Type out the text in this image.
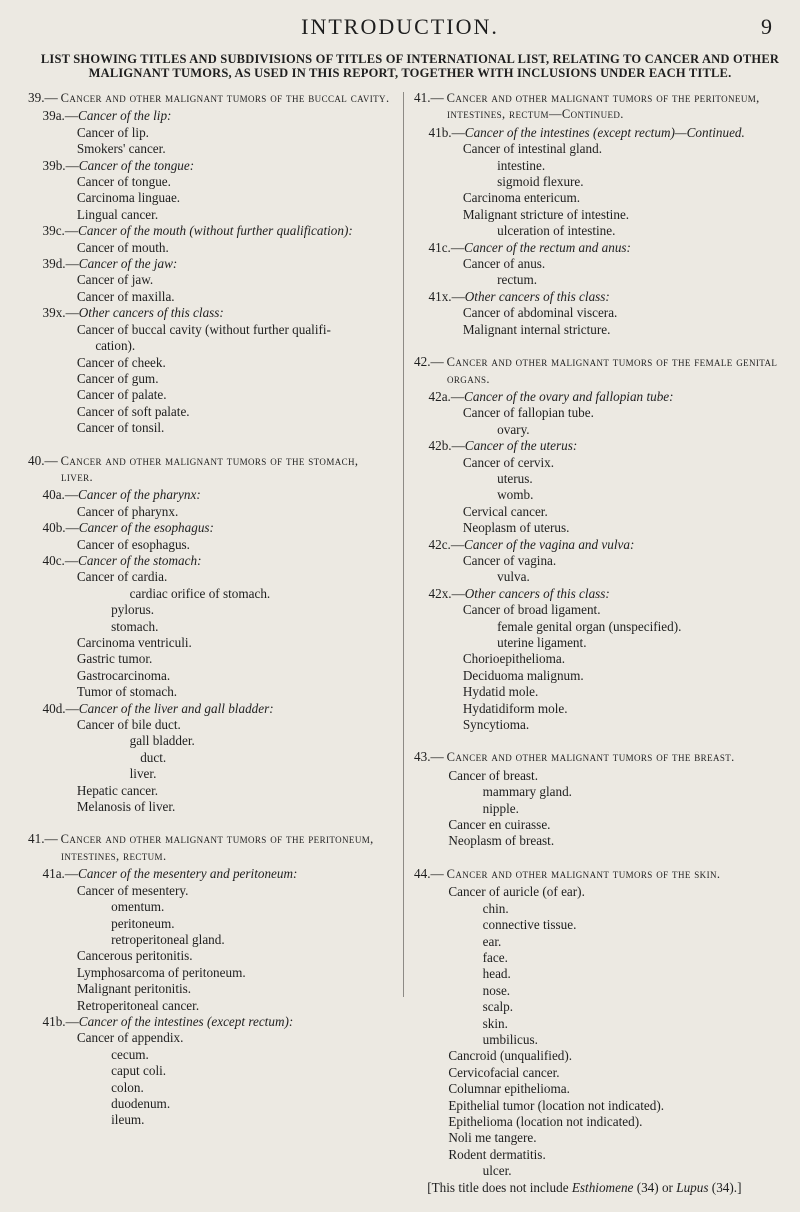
INTRODUCTION.	9
LIST SHOWING TITLES AND SUBDIVISIONS OF TITLES OF INTERNATIONAL LIST, RELATING TO CANCER AND OTHER MALIGNANT TUMORS, AS USED IN THIS REPORT, TOGETHER WITH INCLUSIONS UNDER EACH TITLE.
39.— Cancer and other malignant tumors of the buccal cavity.
39a.—Cancer of the lip:
Cancer of lip.
Smokers' cancer.
39b.—Cancer of the tongue:
Cancer of tongue.
Carcinoma linguae.
Lingual cancer.
39c.—Cancer of the mouth (without further qualification):
Cancer of mouth.
39d.—Cancer of the jaw:
Cancer of jaw.
Cancer of maxilla.
39x.—Other cancers of this class:
Cancer of buccal cavity (without further qualifi-
cation).
Cancer of cheek.
Cancer of gum.
Cancer of palate.
Cancer of soft palate.
Cancer of tonsil.
40.— Cancer and other malignant tumors of the stomach, liver.
40a.—Cancer of the pharynx:
Cancer of pharynx.
40b.—Cancer of the esophagus:
Cancer of esophagus.
40c.—Cancer of the stomach:
Cancer of cardia.
cardiac orifice of stomach.
pylorus.
stomach.
Carcinoma ventriculi.
Gastric tumor.
Gastrocarcinoma.
Tumor of stomach.
40d.—Cancer of the liver and gall bladder:
Cancer of bile duct.
gall bladder.
duct.
liver.
Hepatic cancer.
Melanosis of liver.
41.— Cancer and other malignant tumors of the peritoneum, intestines, rectum.
41a.—Cancer of the mesentery and peritoneum:
Cancer of mesentery.
omentum.
peritoneum.
retroperitoneal gland.
Cancerous peritonitis.
Lymphosarcoma of peritoneum.
Malignant peritonitis.
Retroperitoneal cancer.
41b.—Cancer of the intestines (except rectum):
Cancer of appendix.
cecum.
caput coli.
colon.
duodenum.
ileum.
41.— Cancer and other malignant tumors of the peritoneum, intestines, rectum—Continued.
41b.—Cancer of the intestines (except rectum)—Continued.
Cancer of intestinal gland.
intestine.
sigmoid flexure.
Carcinoma entericum.
Malignant stricture of intestine.
ulceration of intestine.
41c.—Cancer of the rectum and anus:
Cancer of anus.
rectum.
41x.—Other cancers of this class:
Cancer of abdominal viscera.
Malignant internal stricture.
42.— Cancer and other malignant tumors of the female genital organs.
42a.—Cancer of the ovary and fallopian tube:
Cancer of fallopian tube.
ovary.
42b.—Cancer of the uterus:
Cancer of cervix.
uterus.
womb.
Cervical cancer.
Neoplasm of uterus.
42c.—Cancer of the vagina and vulva:
Cancer of vagina.
vulva.
42x.—Other cancers of this class:
Cancer of broad ligament.
female genital organ (unspecified).
uterine ligament.
Chorioepithelioma.
Deciduoma malignum.
Hydatid mole.
Hydatidiform mole.
Syncytioma.
43.— Cancer and other malignant tumors of the breast.
Cancer of breast.
mammary gland.
nipple.
Cancer en cuirasse.
Neoplasm of breast.
44.— Cancer and other malignant tumors of the skin.
Cancer of auricle (of ear).
chin.
connective tissue.
ear.
face.
head.
nose.
scalp.
skin.
umbilicus.
Cancroid (unqualified).
Cervicofacial cancer.
Columnar epithelioma.
Epithelial tumor (location not indicated).
Epithelioma (location not indicated).
Noli me tangere.
Rodent dermatitis.
ulcer.
[This title does not include Esthiomene (34) or Lupus (34).]
